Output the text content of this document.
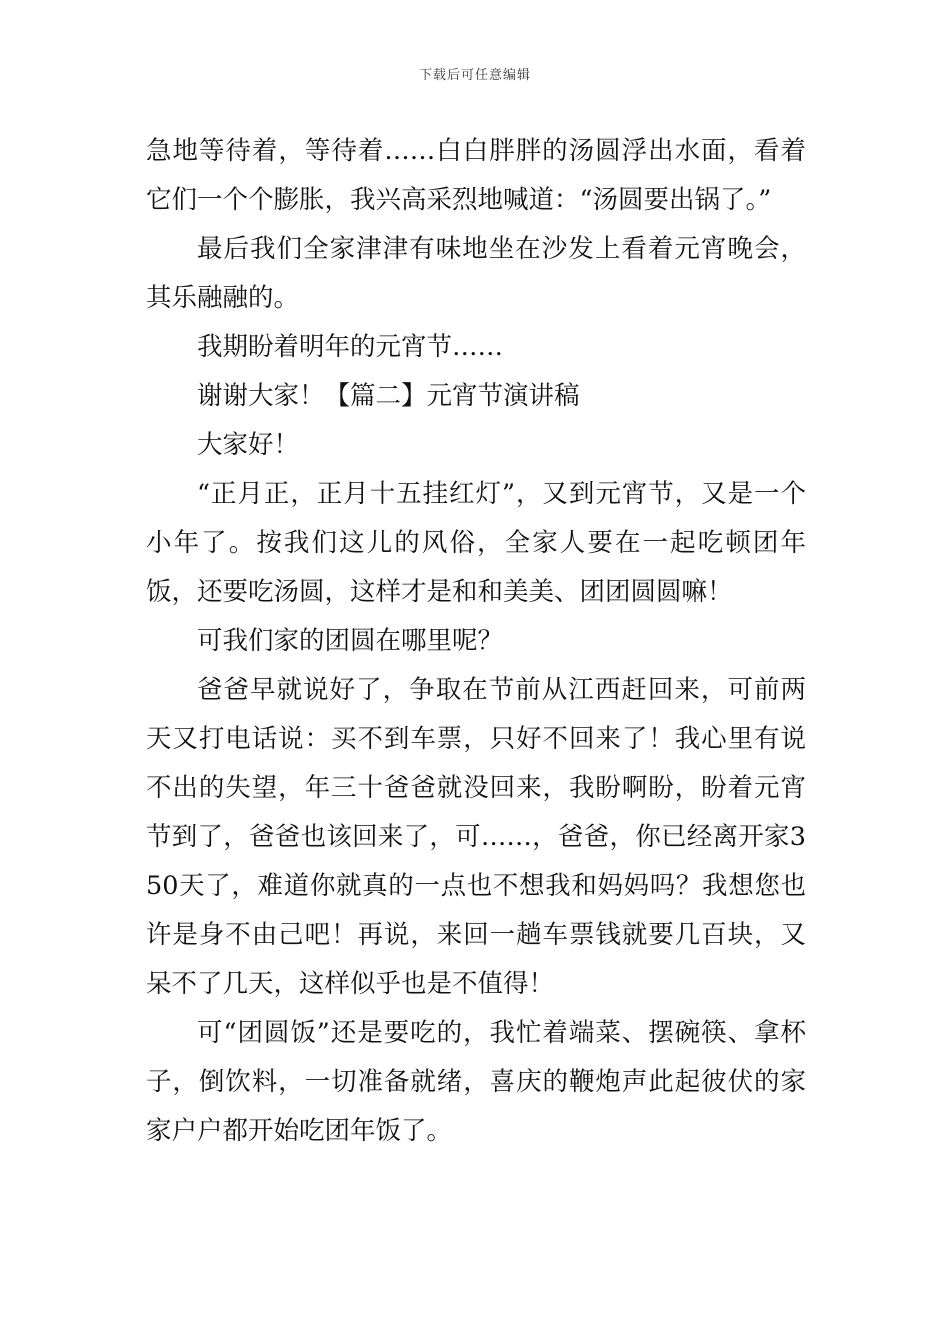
下载后可任意编辑

急地等待着，等待着……白白胖胖的汤圆浮出水面，看着它们一个个膨胀，我兴高采烈地喊道：“汤圆要出锅了。”

最后我们全家津津有味地坐在沙发上看着元宵晚会，其乐融融的。

我期盼着明年的元宵节……

谢谢大家！【篇二】元宵节演讲稿

大家好！

“正月正，正月十五挂红灯”，又到元宵节，又是一个小年了。按我们这儿的风俗，全家人要在一起吃顿团年饭，还要吃汤圆，这样才是和和美美、团团圆圆嘛！

可我们家的团圆在哪里呢？

爸爸早就说好了，争取在节前从江西赶回来，可前两天又打电话说：买不到车票，只好不回来了！我心里有说不出的失望，年三十爸爸就没回来，我盼啊盼，盼着元宵节到了，爸爸也该回来了，可……，爸爸，你已经离开家350天了，难道你就真的一点也不想我和妈妈吗？我想您也许是身不由己吧！再说，来回一趟车票钱就要几百块，又呆不了几天，这样似乎也是不值得！

可“团圆饭”还是要吃的，我忙着端菜、摆碗筷、拿杯子，倒饮料，一切准备就绪，喜庆的鞭炮声此起彼伏的家家户户都开始吃团年饭了。
